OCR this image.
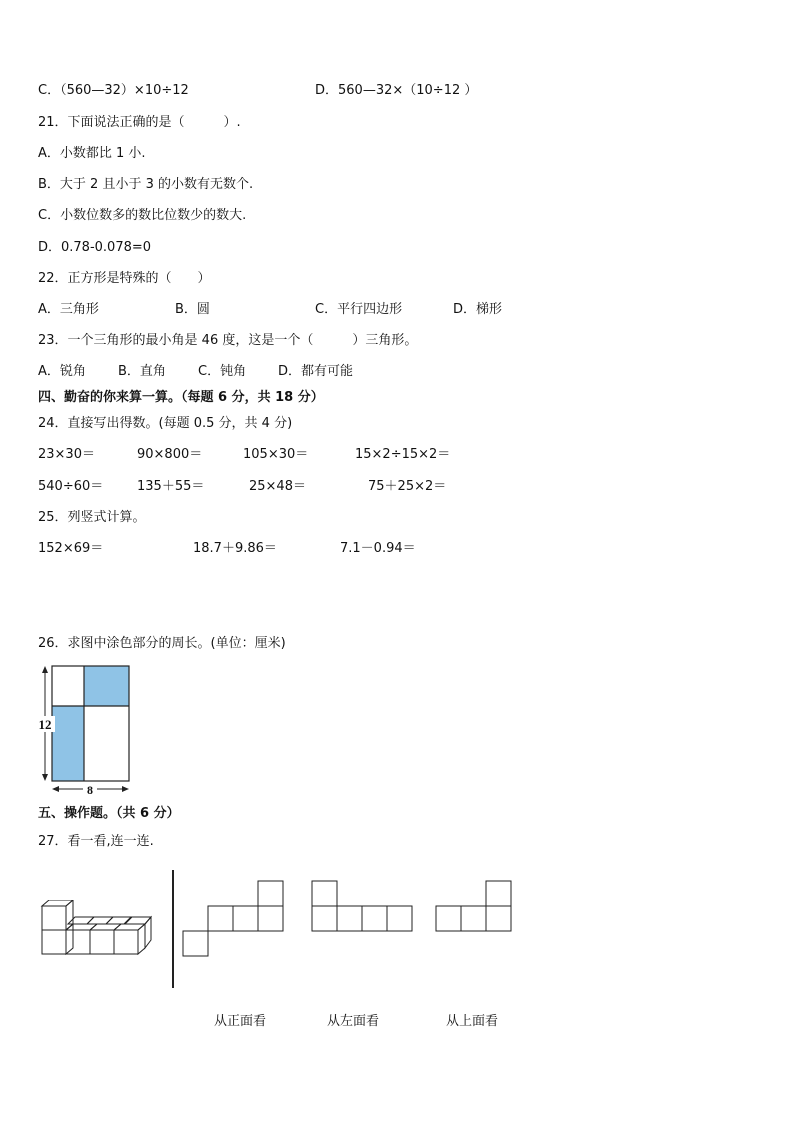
C．（560—32）×10÷12	D．560—32×（10÷12 ）
21．下面说法正确的是（　　　）.
A．小数都比 1 小.
B．大于 2 且小于 3 的小数有无数个.
C．小数位数多的数比位数少的数大.
D．0.78-0.078=0
22．正方形是特殊的（　　）
A．三角形	B．圆	C．平行四边形	D．梯形
23．一个三角形的最小角是 46 度，这是一个（　　　）三角形。
A．锐角 B．直角 C．钝角 D．都有可能
四、勤奋的你来算一算。（每题 6 分，共 18 分）
24．直接写出得数。(每题 0.5 分，共 4 分)
23×30＝	90×800＝	105×30＝	15×2÷15×2＝
540÷60＝	135＋55＝	25×48＝	75＋25×2＝
25．列竖式计算。
152×69＝	18.7＋9.86＝	7.1－0.94＝
26．求图中涂色部分的周长。(单位：厘米)
12
8
五、操作题。（共 6 分）
27．看一看,连一连.
从正面看	从左面看	从上面看
